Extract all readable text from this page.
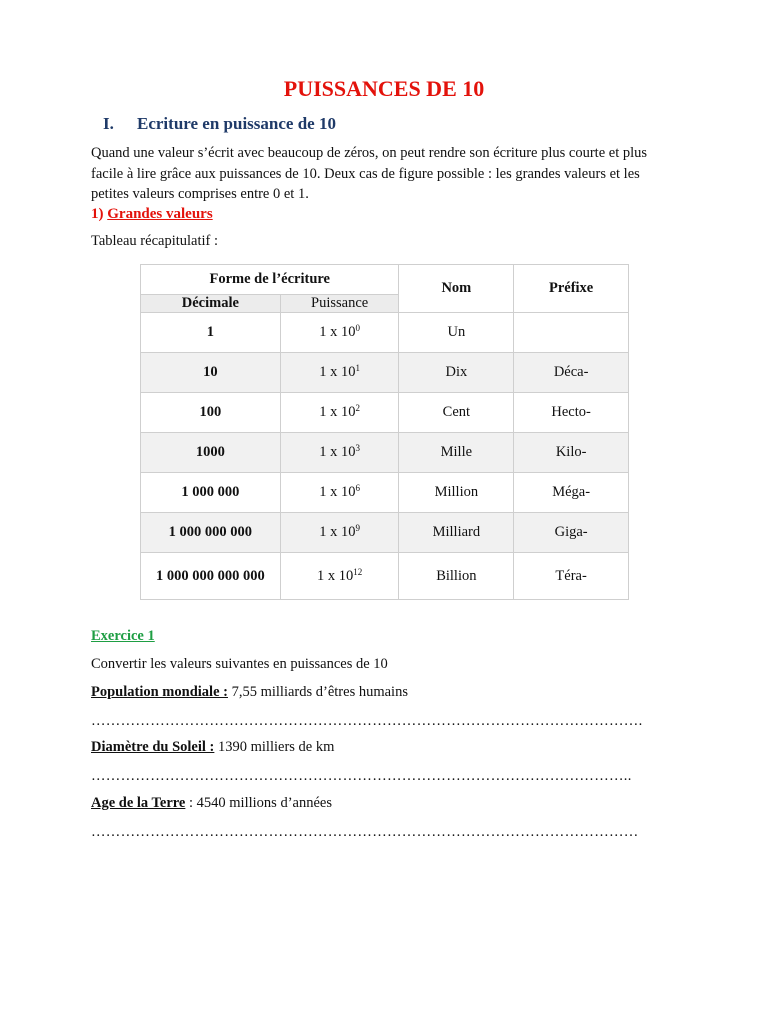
PUISSANCES DE 10
I. Ecriture en puissance de 10
Quand une valeur s’écrit avec beaucoup de zéros, on peut rendre son écriture plus courte et plus facile à lire grâce aux puissances de 10. Deux cas de figure possible : les grandes valeurs et les petites valeurs comprises entre 0 et 1.
1) Grandes valeurs
Tableau récapitulatif :
Forme de l’écriture		Nom	Préfixe
Décimale	Puissance		
1	1 x $10^0$	Un	
10	1 x $10^1$	Dix	Déca-
100	1 x $10^2$	Cent	Hecto-
1000	1 x $10^3$	Mille	Kilo-
1 000 000	1 x $10^6$	Million	Méga-
1 000 000 000	1 x $10^9$	Milliard	Giga-
1 000 000 000 000	1 x $10^{12}$	Billion	Téra-
Exercice 1
Convertir les valeurs suivantes en puissances de 10
Population mondiale : 7,55 milliards d’êtres humains
………………………………………………………………………………………………….
Diamètre du Soleil : 1390 milliers de km
………………………………………………………………………………………………..
Age de la Terre : 4540 millions d’années
…………………………………………………………………………………………………
